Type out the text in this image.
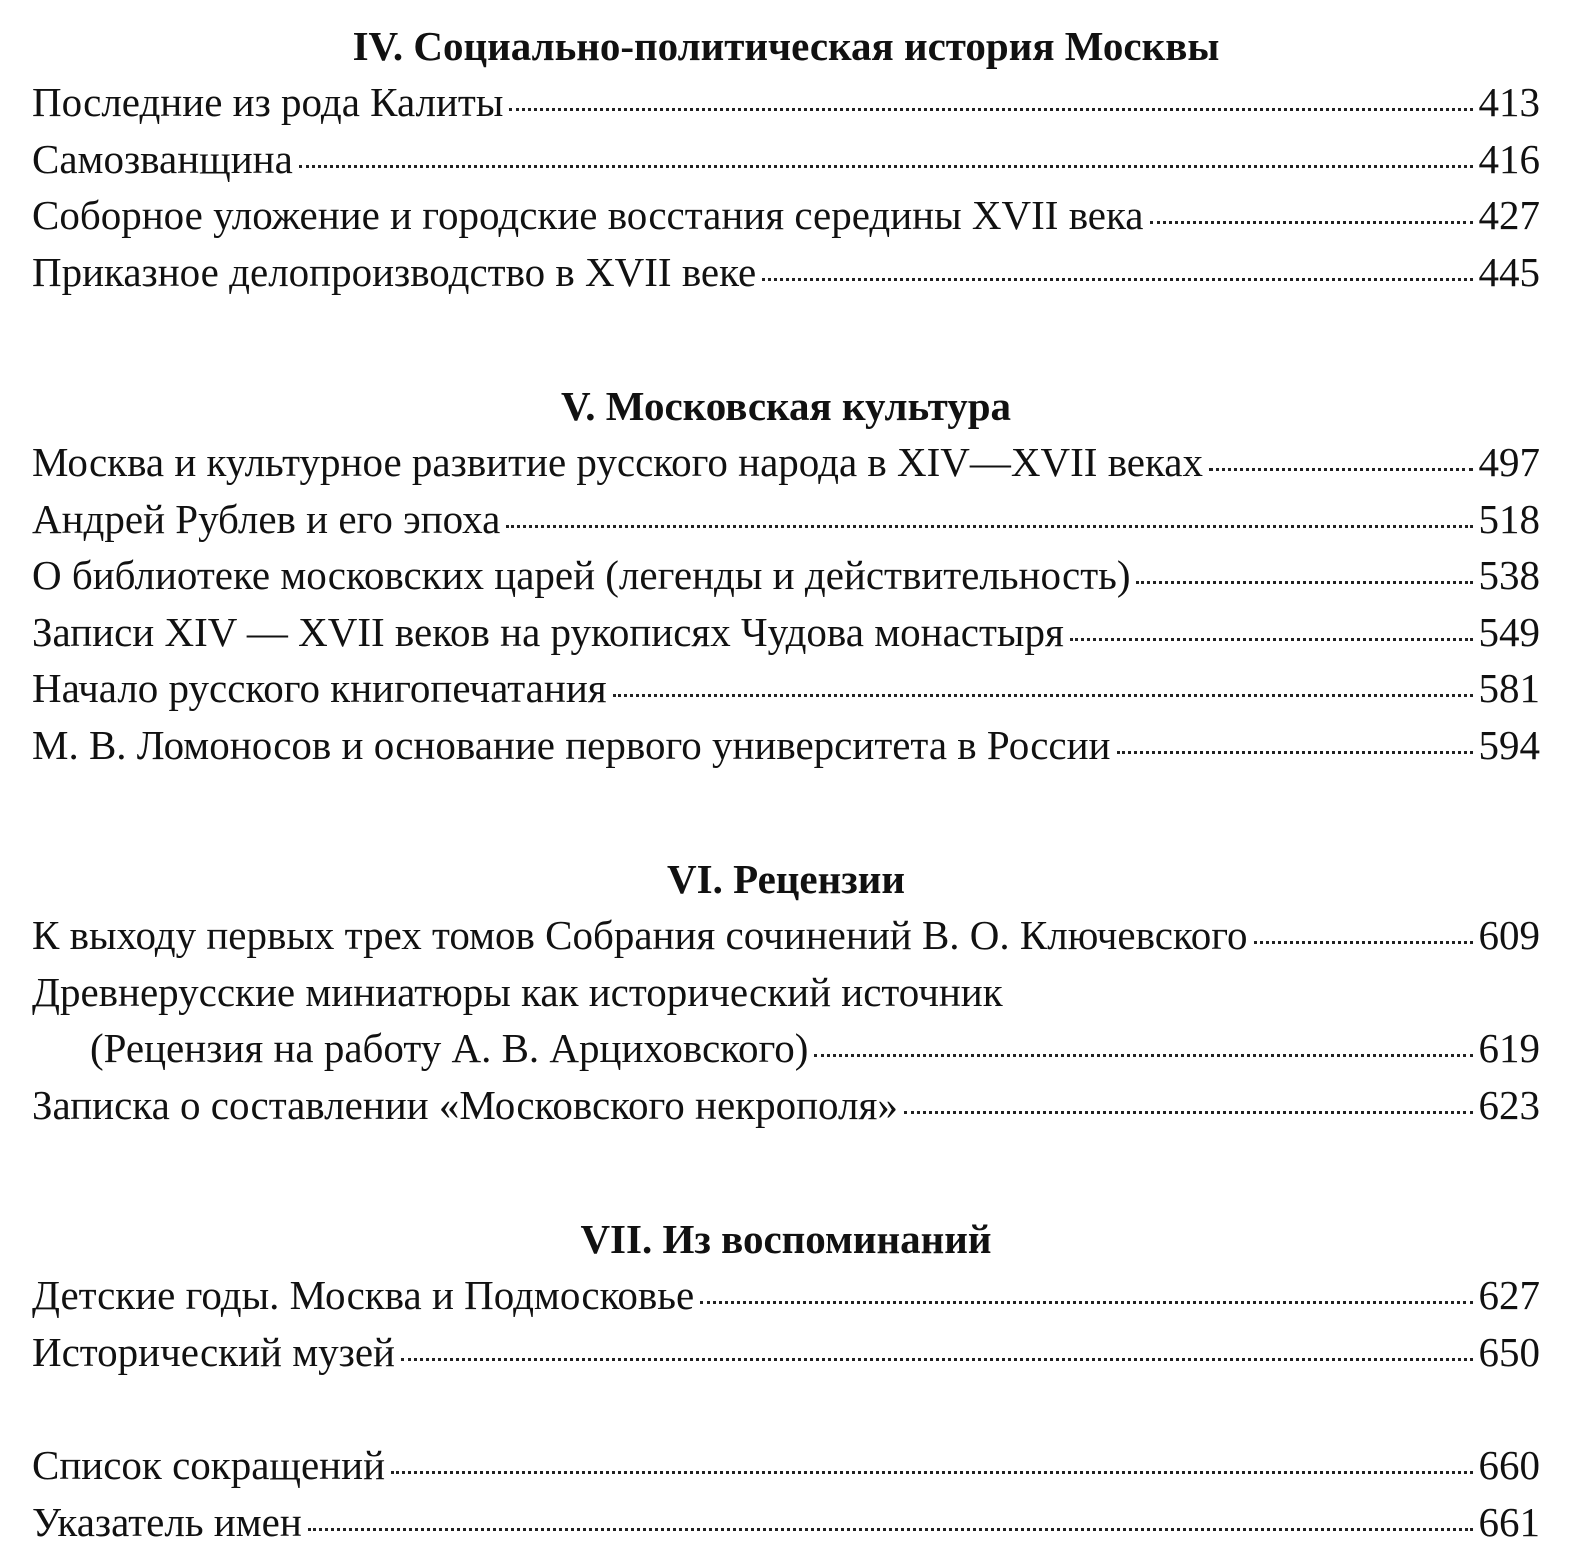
IV. Социально-политическая история Москвы
Последние из рода Калиты	413
Самозванщина	416
Соборное уложение и городские восстания середины XVII века	427
Приказное делопроизводство в XVII веке	445
V. Московская культура
Москва и культурное развитие русского народа в XIV—XVII веках	497
Андрей Рублев и его эпоха	518
О библиотеке московских царей (легенды и действительность)	538
Записи XIV — XVII веков на рукописях Чудова монастыря	549
Начало русского книгопечатания	581
М. В. Ломоносов и основание первого университета в России	594
VI. Рецензии
К выходу первых трех томов Собрания сочинений В. О. Ключевского	609
Древнерусские миниатюры как исторический источник
(Рецензия на работу А. В. Арциховского)	619
Записка о составлении «Московского некрополя»	623
VII. Из воспоминаний
Детские годы. Москва и Подмосковье	627
Исторический музей	650
Список сокращений	660
Указатель имен	661
